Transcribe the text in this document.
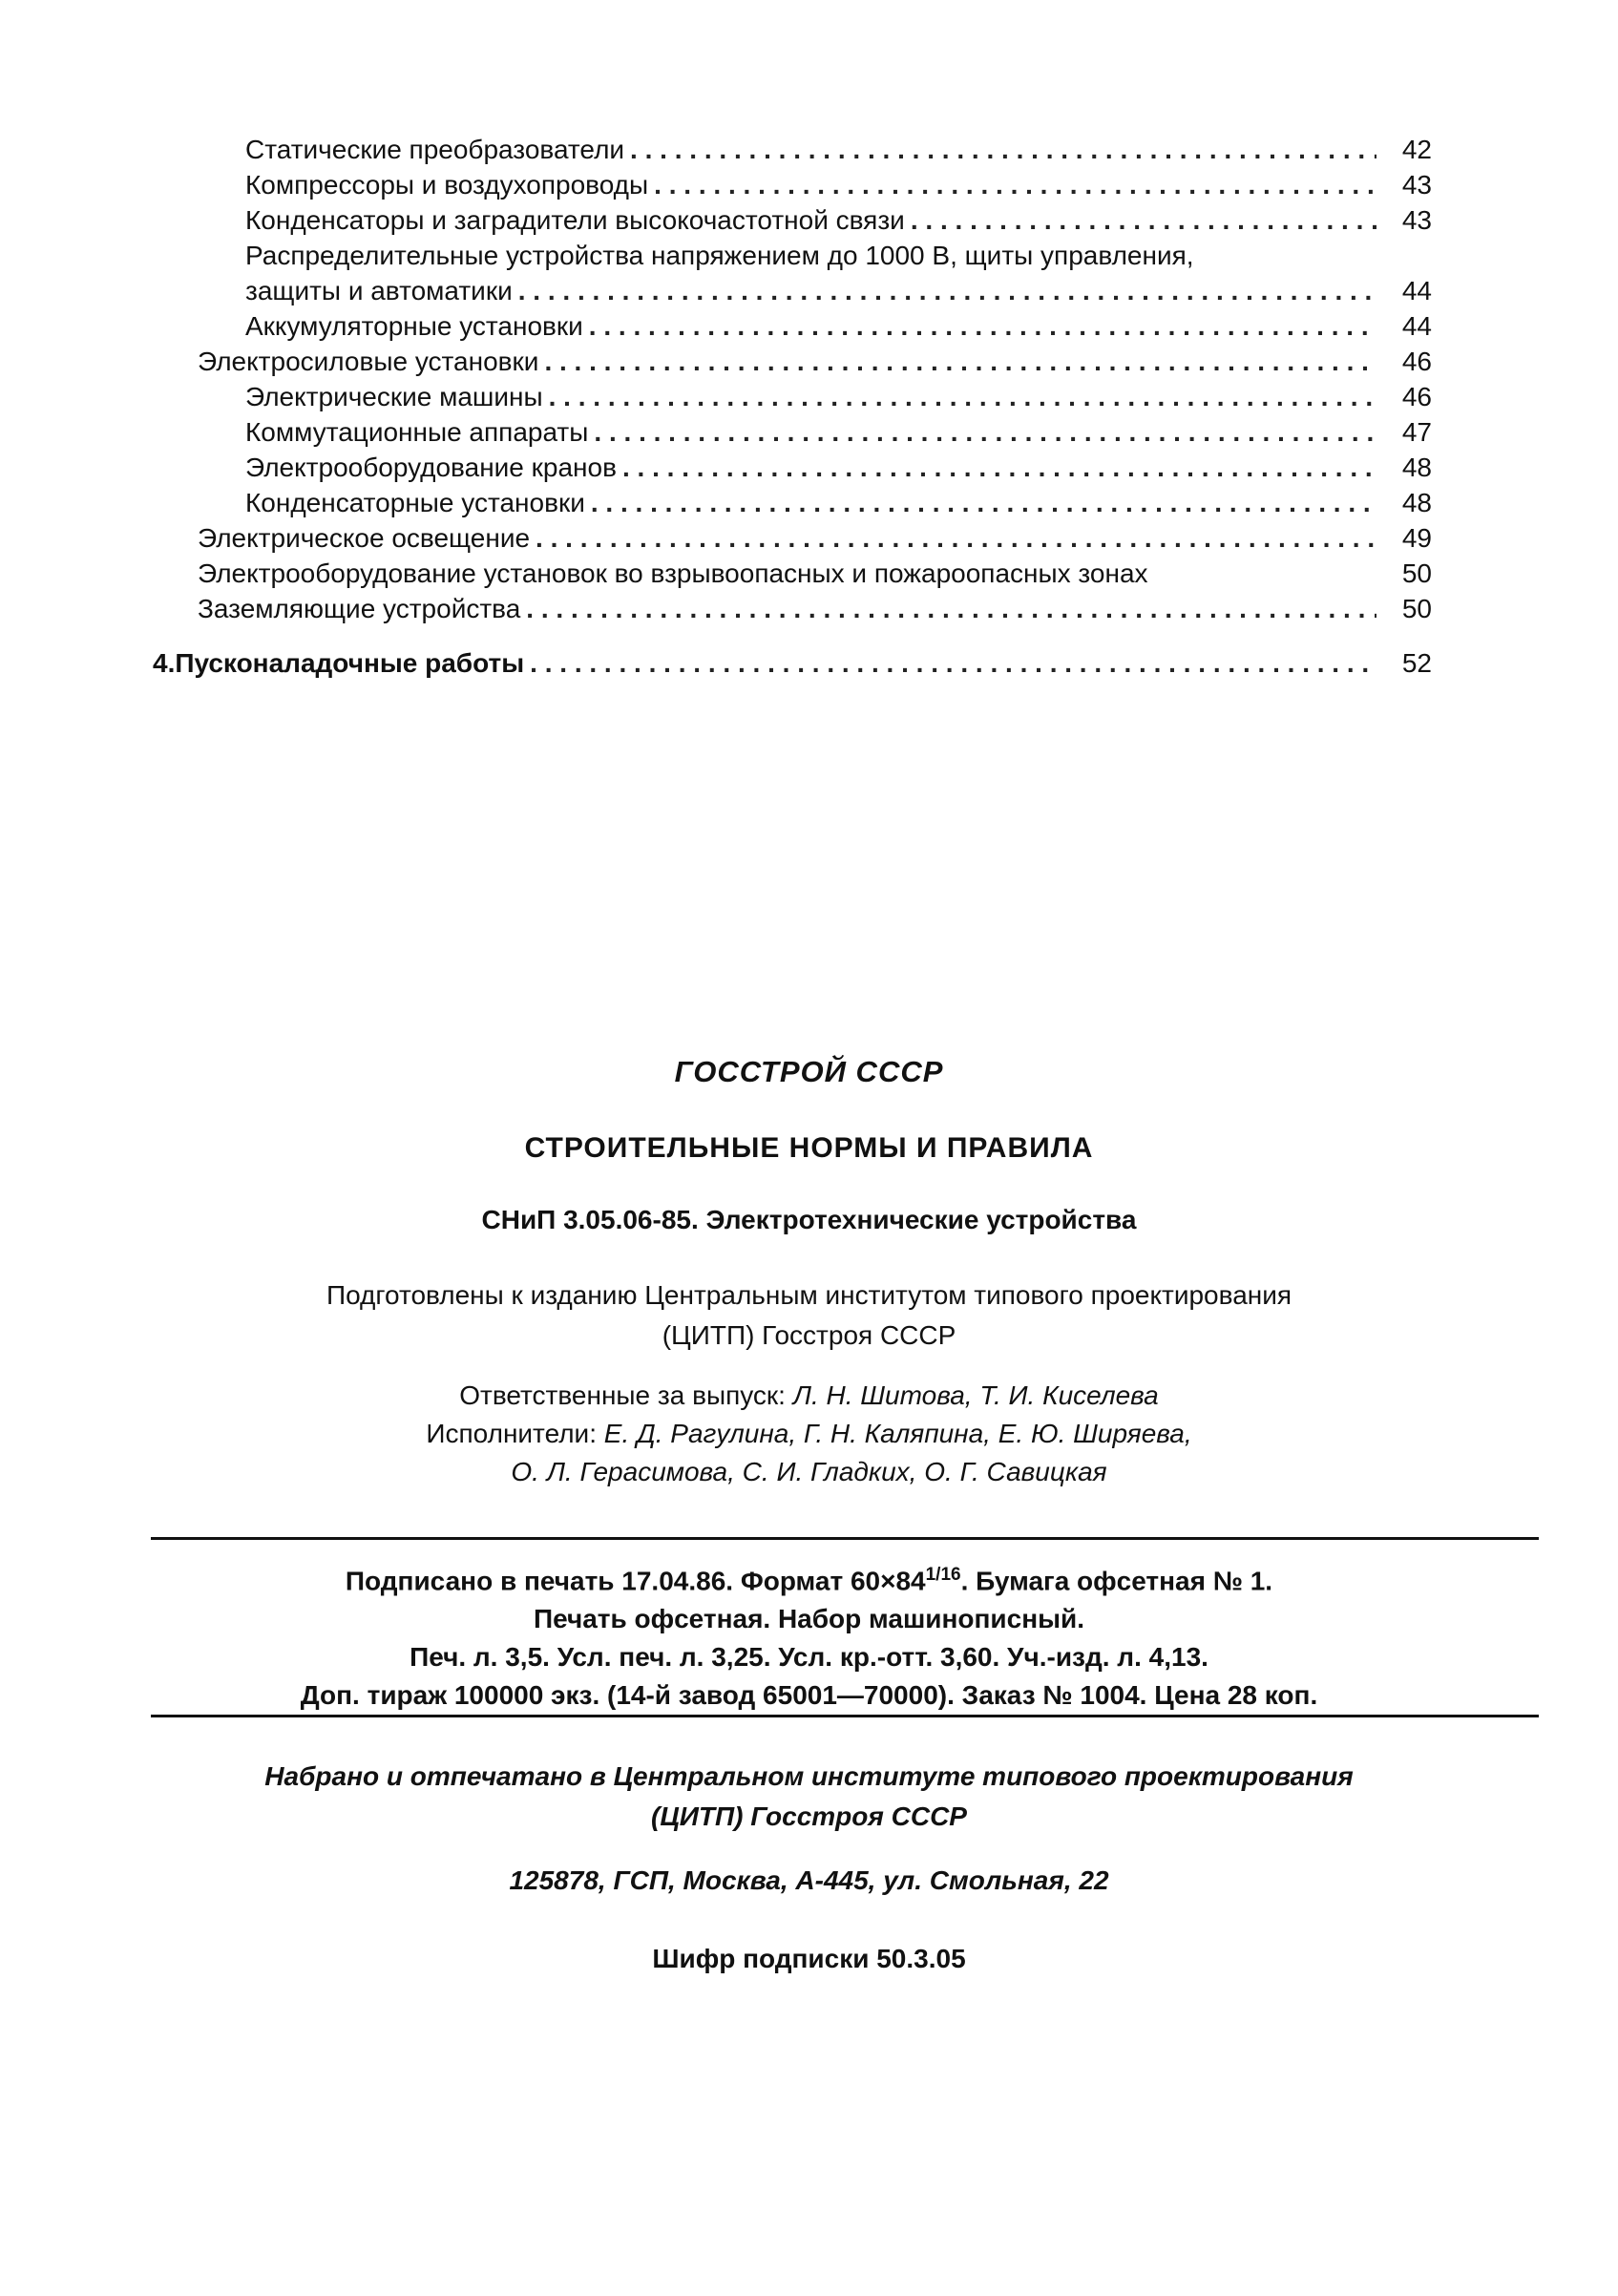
Статические преобразователи . . .	42
Компрессоры и воздухопроводы . . .	43
Конденсаторы и заградители высокочастотной связи . . .	43
Распределительные устройства напряжением до 1000 В, щиты управления,
защиты и автоматики . . .	44
Аккумуляторные установки . . .	44
Электросиловые установки . . .	46
Электрические машины . . .	46
Коммутационные аппараты . . .	47
Электрооборудование кранов . . .	48
Конденсаторные установки . . .	48
Электрическое освещение . . .	49
Электрооборудование установок во взрывоопасных и пожароопасных зонах	50
Заземляющие устройства . . .	50
4. Пусконаладочные работы . . .	52
ГОССТРОЙ СССР
СТРОИТЕЛЬНЫЕ НОРМЫ И ПРАВИЛА
СНиП 3.05.06-85. Электротехнические устройства
Подготовлены к изданию Центральным институтом типового проектирования
(ЦИТП) Госстроя СССР
Ответственные за выпуск: Л. Н. Шитова, Т. И. Киселева
Исполнители: Е. Д. Рагулина, Г. Н. Каляпина, Е. Ю. Ширяева,
О. Л. Герасимова, С. И. Гладких, О. Г. Савицкая
Подписано в печать 17.04.86. Формат $60\times 84^{1/16}$. Бумага офсетная № 1.
Печать офсетная. Набор машинописный.
Печ. л. 3,5. Усл. печ. л. 3,25. Усл. кр.-отт. 3,60. Уч.-изд. л. 4,13.
Доп. тираж 100000 экз. (14-й завод 65001—70000). Заказ № 1004. Цена 28 коп.
Набрано и отпечатано в Центральном институте типового проектирования
(ЦИТП) Госстроя СССР
125878, ГСП, Москва, А-445, ул. Смольная, 22
Шифр подписки 50.3.05
